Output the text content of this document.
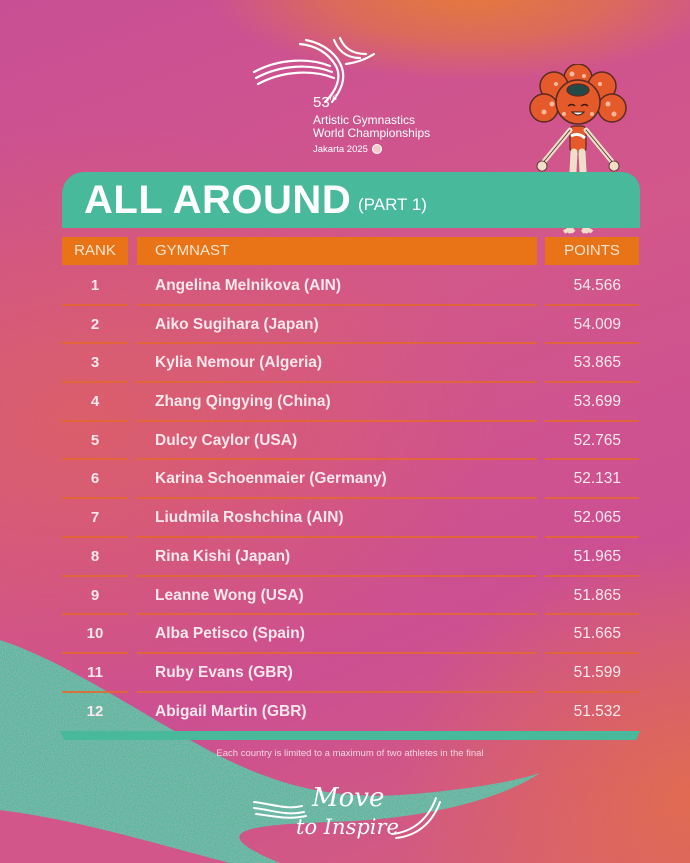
53rd
Artistic Gymnastics
World Championships
Jakarta 2025
ALL AROUND (PART 1)
RANK	GYMNAST	POINTS
1	Angelina Melnikova (AIN)	54.566
2	Aiko Sugihara (Japan)	54.009
3	Kylia Nemour (Algeria)	53.865
4	Zhang Qingying (China)	53.699
5	Dulcy Caylor (USA)	52.765
6	Karina Schoenmaier (Germany)	52.131
7	Liudmila Roshchina (AIN)	52.065
8	Rina Kishi (Japan)	51.965
9	Leanne Wong (USA)	51.865
10	Alba Petisco (Spain)	51.665
11	Ruby Evans (GBR)	51.599
12	Abigail Martin (GBR)	51.532
Each country is limited to a maximum of two athletes in the final
Move
to Inspire
